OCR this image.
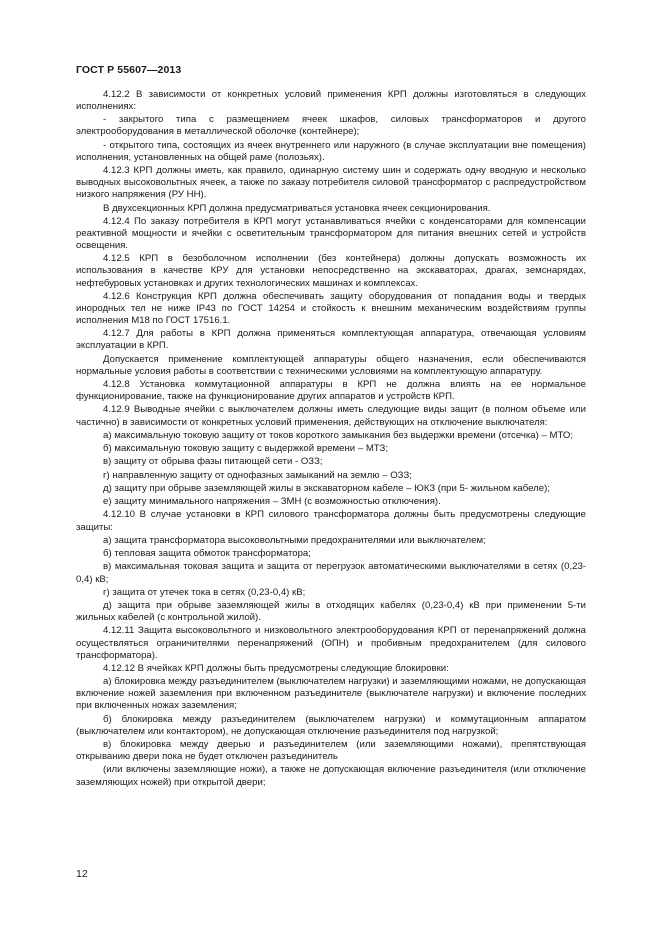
ГОСТ Р 55607—2013

4.12.2 В зависимости от конкретных условий применения КРП должны изготовляться в следующих исполнениях:

- закрытого типа с размещением ячеек шкафов, силовых трансформаторов и другого электрооборудования в металлической оболочке (контейнере);

- открытого типа, состоящих из ячеек внутреннего или наружного (в случае эксплуатации вне помещения) исполнения, установленных на общей раме (полозьях).

4.12.3 КРП должны иметь, как правило, одинарную систему шин и содержать одну вводную и несколько выводных высоковольтных ячеек, а также по заказу потребителя силовой трансформатор с распредустройством низкого напряжения (РУ НН).

В двухсекционных КРП должна предусматриваться установка ячеек секционирования.

4.12.4 По заказу потребителя в КРП могут устанавливаться ячейки с конденсаторами для компенсации реактивной мощности и ячейки с осветительным трансформатором для питания внешних сетей и устройств освещения.

4.12.5 КРП в безоболочном исполнении (без контейнера) должны допускать возможность их использования в качестве КРУ для установки непосредственно на экскаваторах, драгах, земснарядах, нефтебуровых установках и других технологических машинах и комплексах.

4.12.6 Конструкция КРП должна обеспечивать защиту оборудования от попадания воды и твердых инородных тел не ниже IP43 по ГОСТ 14254 и стойкость к внешним механическим воздействиям группы исполнения М18 по ГОСТ 17516.1.

4.12.7 Для работы в КРП должна применяться комплектующая аппаратура, отвечающая условиям эксплуатации в КРП.

Допускается применение комплектующей аппаратуры общего назначения, если обеспечиваются нормальные условия работы в соответствии с техническими условиями на комплектующую аппаратуру.

4.12.8 Установка коммутационной аппаратуры в КРП не должна влиять на ее нормальное функционирование, также на функционирование других аппаратов и устройств КРП.

4.12.9 Выводные ячейки с выключателем должны иметь следующие виды защит (в полном объеме или частично) в зависимости от конкретных условий применения, действующих на отключение выключателя:

а) максимальную токовую защиту от токов короткого замыкания без выдержки времени (отсечка) – МТО;

б) максимальную токовую защиту с выдержкой времени – МТЗ;

в) защиту от обрыва фазы питающей сети - ОЗЗ;

г) направленную защиту от однофазных замыканий на землю – ОЗЗ;

д) защиту при обрыве заземляющей жилы в экскаваторном кабеле – ЮКЗ (при 5- жильном кабеле);

е) защиту минимального напряжения – ЗМН (с возможностью отключения).

4.12.10 В случае установки в КРП силового трансформатора должны быть предусмотрены следующие защиты:

а) защита трансформатора высоковольтными предохранителями или выключателем;

б) тепловая защита обмоток трансформатора;

в) максимальная токовая защита и защита от перегрузок автоматическими выключателями в сетях (0,23-0,4) кВ;

г) защита от утечек тока в сетях (0,23-0,4) кВ;

д) защита при обрыве заземляющей жилы в отходящих кабелях (0,23-0,4) кВ при применении 5-ти жильных кабелей (с контрольной жилой).

4.12.11 Защита высоковольтного и низковольтного электрооборудования КРП от перенапряжений должна осуществляться ограничителями перенапряжений (ОПН) и пробивным предохранителем (для силового трансформатора).

4.12.12 В ячейках КРП должны быть предусмотрены следующие блокировки:

а) блокировка между разъединителем (выключателем нагрузки) и заземляющими ножами, не допускающая включение ножей заземления при включенном разъединителе (выключателе нагрузки) и включение последних при включенных ножах заземления;

б) блокировка между разъединителем (выключателем нагрузки) и коммутационным аппаратом (выключателем или контактором), не допускающая отключение разъединителя под нагрузкой;

в) блокировка между дверью и разъединителем (или заземляющими ножами), препятствующая открыванию двери пока не будет отключен разъединитель

(или включены заземляющие ножи), а также не допускающая включение разъединителя (или отключение заземляющих ножей) при открытой двери;

12
